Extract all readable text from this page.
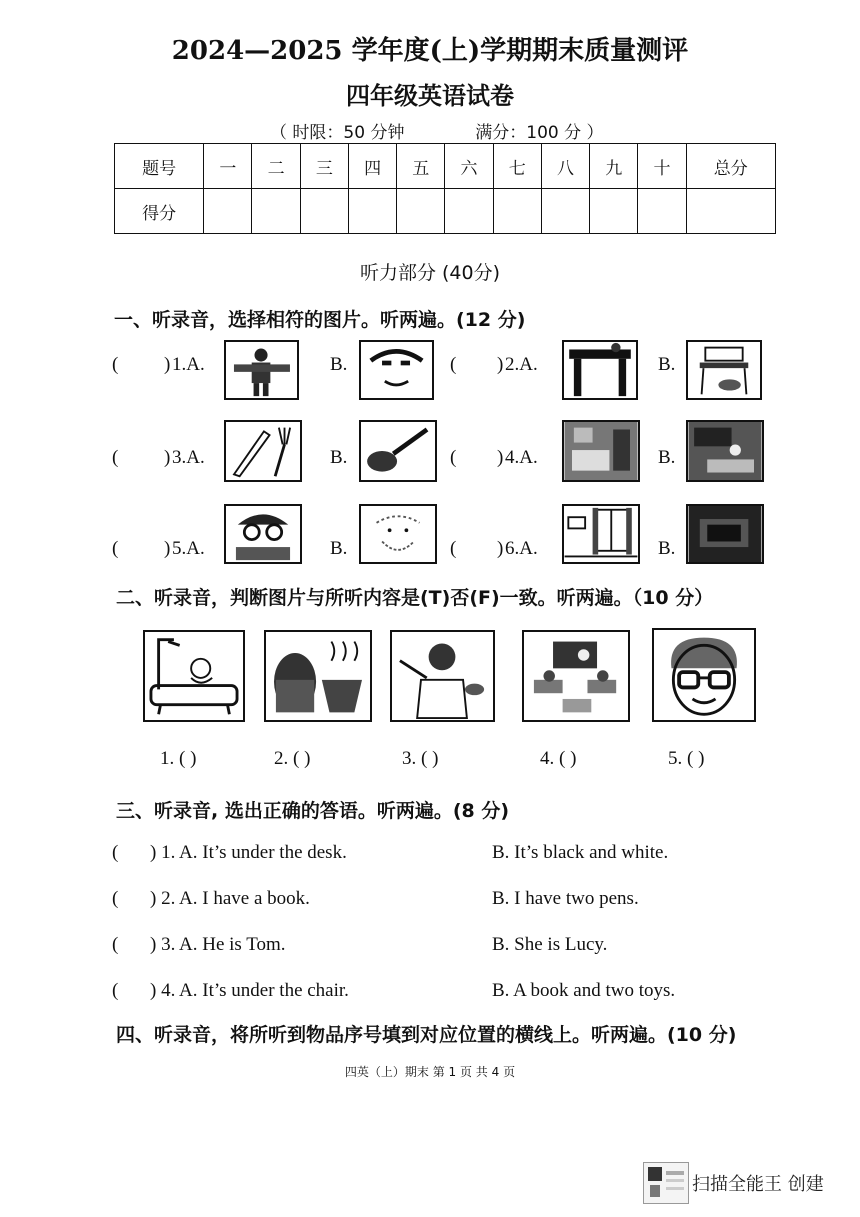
2024—2025 学年度(上)学期期末质量测评
四年级英语试卷
（ 时限：50 分钟	满分：100 分 ）
题号	一	二	三	四	五	六	七	八	九	十	总分
得分											
听力部分 (40分)
一、听录音，选择相符的图片。听两遍。(12 分)
( ) 1.A.	B.	( ) 2.A.	B.
( ) 3.A.	B.	( ) 4.A.	B.
( ) 5.A.	B.	( ) 6.A.	B.
二、听录音，判断图片与所听内容是(T)否(F)一致。听两遍。（10 分）
1. ( )	2. ( )	3. ( )	4. ( )	5. ( )
三、听录音, 选出正确的答语。听两遍。(8 分)
( ) 1. A. It’s under the desk.	B. It’s black and white.
( ) 2. A. I have a book.	B. I have two pens.
( ) 3. A. He is Tom.	B. She is Lucy.
( ) 4. A. It’s under the chair.	B. A book and two toys.
四、听录音，将所听到物品序号填到对应位置的横线上。听两遍。(10 分)
四英（上）期末 第 1 页 共 4 页
扫描全能王 创建
